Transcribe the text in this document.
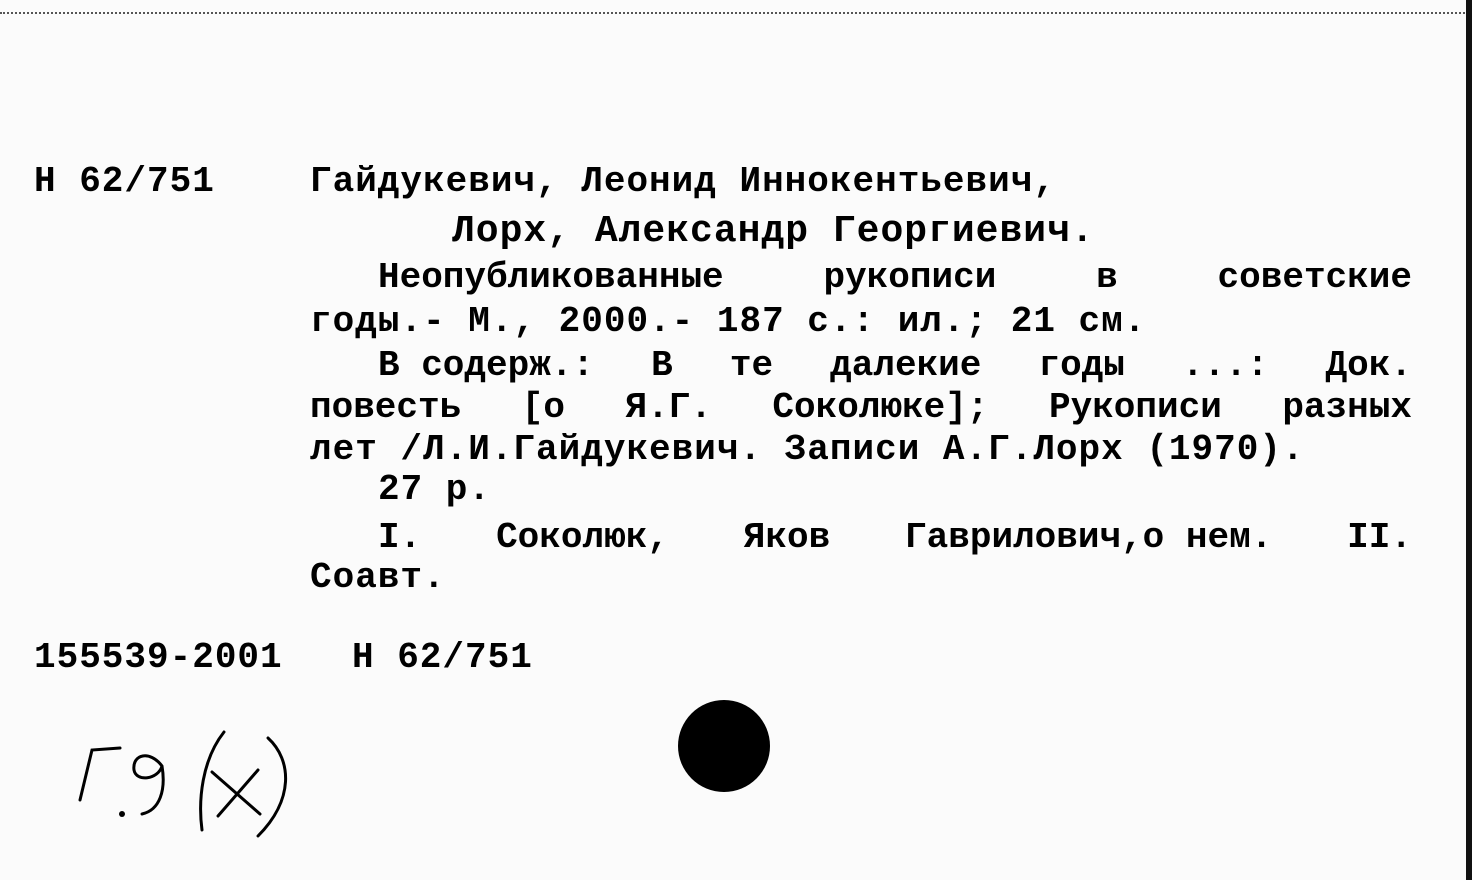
Н 62/751	Гайдукевич, Леонид Иннокентьевич,
Лорх, Александр Георгиевич.
Неопубликованные	рукописи	в	советские
годы.- М., 2000.- 187 с.: ил.; 21 см.
В содерж.: В те далекие годы ...: Док.
повесть [о Я.Г. Соколюке]; Рукописи разных
лет /Л.И.Гайдукевич. Записи А.Г.Лорх (1970).
27 р.
I. Соколюк, Яков Гаврилович,о нем. II.
Соавт.
155539-2001 Н 62/751
